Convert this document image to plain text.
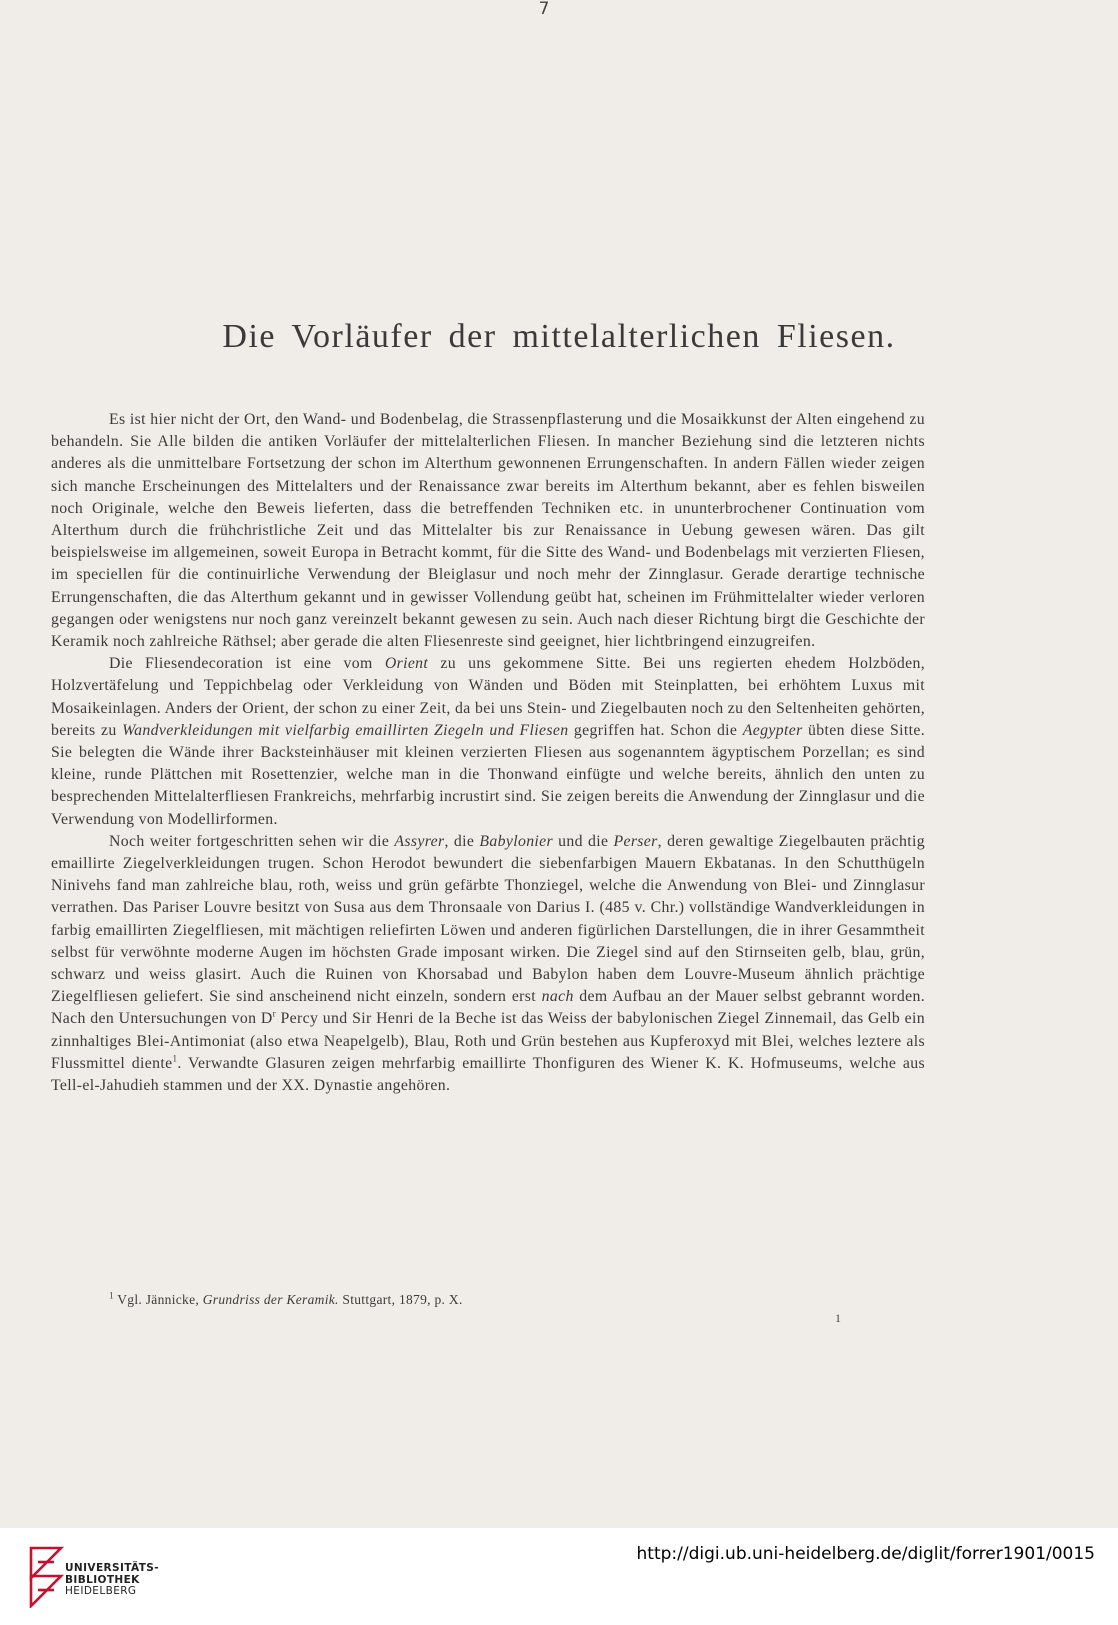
7
Die Vorläufer der mittelalterlichen Fliesen.

Es ist hier nicht der Ort, den Wand- und Bodenbelag, die Strassenpflasterung und die Mosaikkunst der Alten eingehend zu behandeln. Sie Alle bilden die antiken Vorläufer der mittelalterlichen Fliesen. In mancher Beziehung sind die letzteren nichts anderes als die unmittelbare Fortsetzung der schon im Alterthum gewonnenen Errungenschaften. In andern Fällen wieder zeigen sich manche Erscheinungen des Mittelalters und der Renaissance zwar bereits im Alterthum bekannt, aber es fehlen bisweilen noch Originale, welche den Beweis lieferten, dass die betreffenden Techniken etc. in ununterbrochener Continuation vom Alterthum durch die frühchristliche Zeit und das Mittelalter bis zur Renaissance in Uebung gewesen wären. Das gilt beispielsweise im allgemeinen, soweit Europa in Betracht kommt, für die Sitte des Wand- und Bodenbelags mit verzierten Fliesen, im speciellen für die continuirliche Verwendung der Bleiglasur und noch mehr der Zinnglasur. Gerade derartige technische Errungenschaften, die das Alterthum gekannt und in gewisser Vollendung geübt hat, scheinen im Frühmittelalter wieder verloren gegangen oder wenigstens nur noch ganz vereinzelt bekannt gewesen zu sein. Auch nach dieser Richtung birgt die Geschichte der Keramik noch zahlreiche Räthsel; aber gerade die alten Fliesenreste sind geeignet, hier lichtbringend einzugreifen.

Die Fliesendecoration ist eine vom Orient zu uns gekommene Sitte. Bei uns regierten ehedem Holzböden, Holzvertäfelung und Teppichbelag oder Verkleidung von Wänden und Böden mit Steinplatten, bei erhöhtem Luxus mit Mosaikeinlagen. Anders der Orient, der schon zu einer Zeit, da bei uns Stein- und Ziegelbauten noch zu den Seltenheiten gehörten, bereits zu Wandverkleidungen mit vielfarbig emaillirten Ziegeln und Fliesen gegriffen hat. Schon die Aegypter übten diese Sitte. Sie belegten die Wände ihrer Backsteinhäuser mit kleinen verzierten Fliesen aus sogenanntem ägyptischem Porzellan; es sind kleine, runde Plättchen mit Rosettenzier, welche man in die Thonwand einfügte und welche bereits, ähnlich den unten zu besprechenden Mittelalterfliesen Frankreichs, mehrfarbig incrustirt sind. Sie zeigen bereits die Anwendung der Zinnglasur und die Verwendung von Modellirformen.

Noch weiter fortgeschritten sehen wir die Assyrer, die Babylonier und die Perser, deren gewaltige Ziegelbauten prächtig emaillirte Ziegelverkleidungen trugen. Schon Herodot bewundert die siebenfarbigen Mauern Ekbatanas. In den Schutthügeln Ninivehs fand man zahlreiche blau, roth, weiss und grün gefärbte Thonziegel, welche die Anwendung von Blei- und Zinnglasur verrathen. Das Pariser Louvre besitzt von Susa aus dem Thronsaale von Darius I. (485 v. Chr.) vollständige Wandverkleidungen in farbig emaillirten Ziegelfliesen, mit mächtigen reliefirten Löwen und anderen figürlichen Darstellungen, die in ihrer Gesammtheit selbst für verwöhnte moderne Augen im höchsten Grade imposant wirken. Die Ziegel sind auf den Stirnseiten gelb, blau, grün, schwarz und weiss glasirt. Auch die Ruinen von Khorsabad und Babylon haben dem Louvre-Museum ähnlich prächtige Ziegelfliesen geliefert. Sie sind anscheinend nicht einzeln, sondern erst nach dem Aufbau an der Mauer selbst gebrannt worden. Nach den Untersuchungen von D$^r$ Percy und Sir Henri de la Beche ist das Weiss der babylonischen Ziegel Zinnemail, das Gelb ein zinnhaltiges Blei-Antimoniat (also etwa Neapelgelb), Blau, Roth und Grün bestehen aus Kupferoxyd mit Blei, welches leztere als Flussmittel diente$^1$. Verwandte Glasuren zeigen mehrfarbig emaillirte Thonfiguren des Wiener K. K. Hofmuseums, welche aus Tell-el-Jahudieh stammen und der XX. Dynastie angehören.

$^1$ Vgl. Jännicke, Grundriss der Keramik. Stuttgart, 1879, p. X.
1
UNIVERSITÄTS-
BIBLIOTHEK
HEIDELBERG
http://digi.ub.uni-heidelberg.de/diglit/forrer1901/0015
